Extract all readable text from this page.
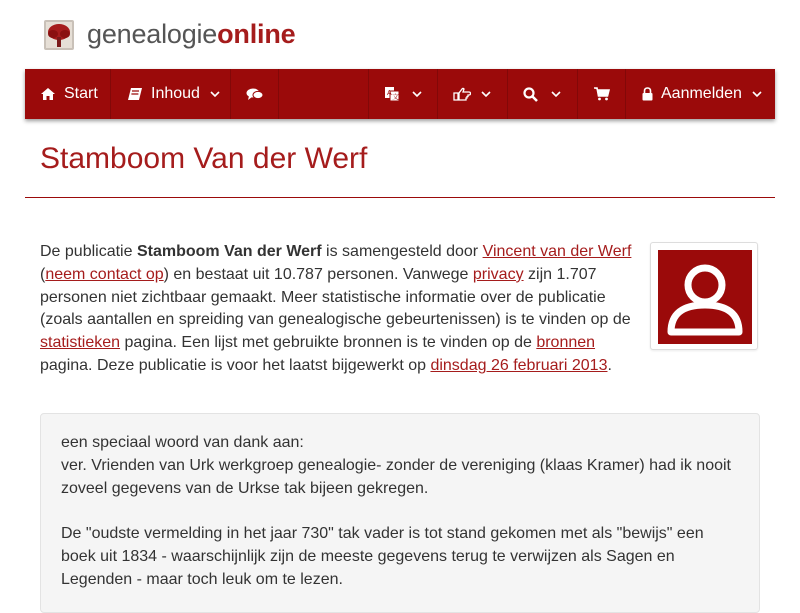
genealogieonline
Start	Inhoud	A
文	Aanmelden
Stamboom Van der Werf
De publicatie Stamboom Van der Werf is samengesteld door Vincent van der Werf (neem contact op) en bestaat uit 10.787 personen. Vanwege privacy zijn 1.707 personen niet zichtbaar gemaakt. Meer statistische informatie over de publicatie (zoals aantallen en spreiding van genealogische gebeurtenissen) is te vinden op de statistieken pagina. Een lijst met gebruikte bronnen is te vinden op de bronnen pagina. Deze publicatie is voor het laatst bijgewerkt op dinsdag 26 februari 2013.

een speciaal woord van dank aan:
ver. Vrienden van Urk werkgroep genealogie- zonder de vereniging (klaas Kramer) had ik nooit zoveel gegevens van de Urkse tak bijeen gekregen.

De "oudste vermelding in het jaar 730" tak vader is tot stand gekomen met als "bewijs" een boek uit 1834 - waarschijnlijk zijn de meeste gegevens terug te verwijzen als Sagen en Legenden - maar toch leuk om te lezen.
